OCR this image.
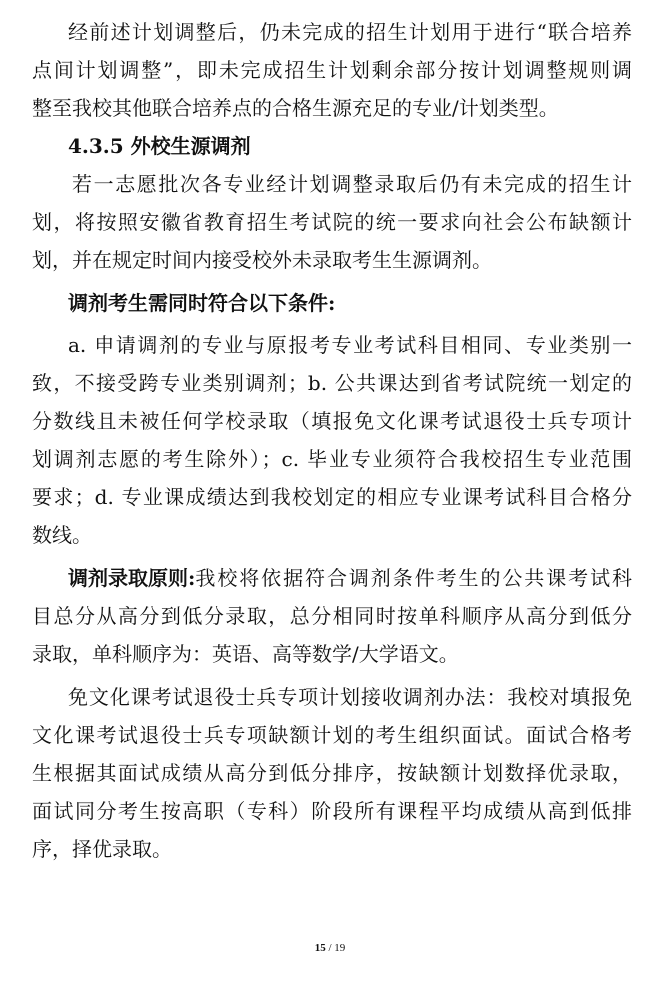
经前述计划调整后，仍未完成的招生计划用于进行“联合培养
点间计划调整”，即未完成招生计划剩余部分按计划调整规则调
整至我校其他联合培养点的合格生源充足的专业/计划类型。
4.3.5 外校生源调剂
若一志愿批次各专业经计划调整录取后仍有未完成的招生计
划，将按照安徽省教育招生考试院的统一要求向社会公布缺额计
划，并在规定时间内接受校外未录取考生生源调剂。
调剂考生需同时符合以下条件:
a. 申请调剂的专业与原报考专业考试科目相同、专业类别一
致，不接受跨专业类别调剂；b. 公共课达到省考试院统一划定的
分数线且未被任何学校录取（填报免文化课考试退役士兵专项计
划调剂志愿的考生除外）；c. 毕业专业须符合我校招生专业范围
要求；d. 专业课成绩达到我校划定的相应专业课考试科目合格分
数线。
调剂录取原则: 我校将依据符合调剂条件考生的公共课考试科
目总分从高分到低分录取，总分相同时按单科顺序从高分到低分
录取，单科顺序为：英语、高等数学/大学语文。
免文化课考试退役士兵专项计划接收调剂办法：我校对填报免
文化课考试退役士兵专项缺额计划的考生组织面试。面试合格考
生根据其面试成绩从高分到低分排序，按缺额计划数择优录取，
面试同分考生按高职（专科）阶段所有课程平均成绩从高到低排
序，择优录取。
15 / 19
